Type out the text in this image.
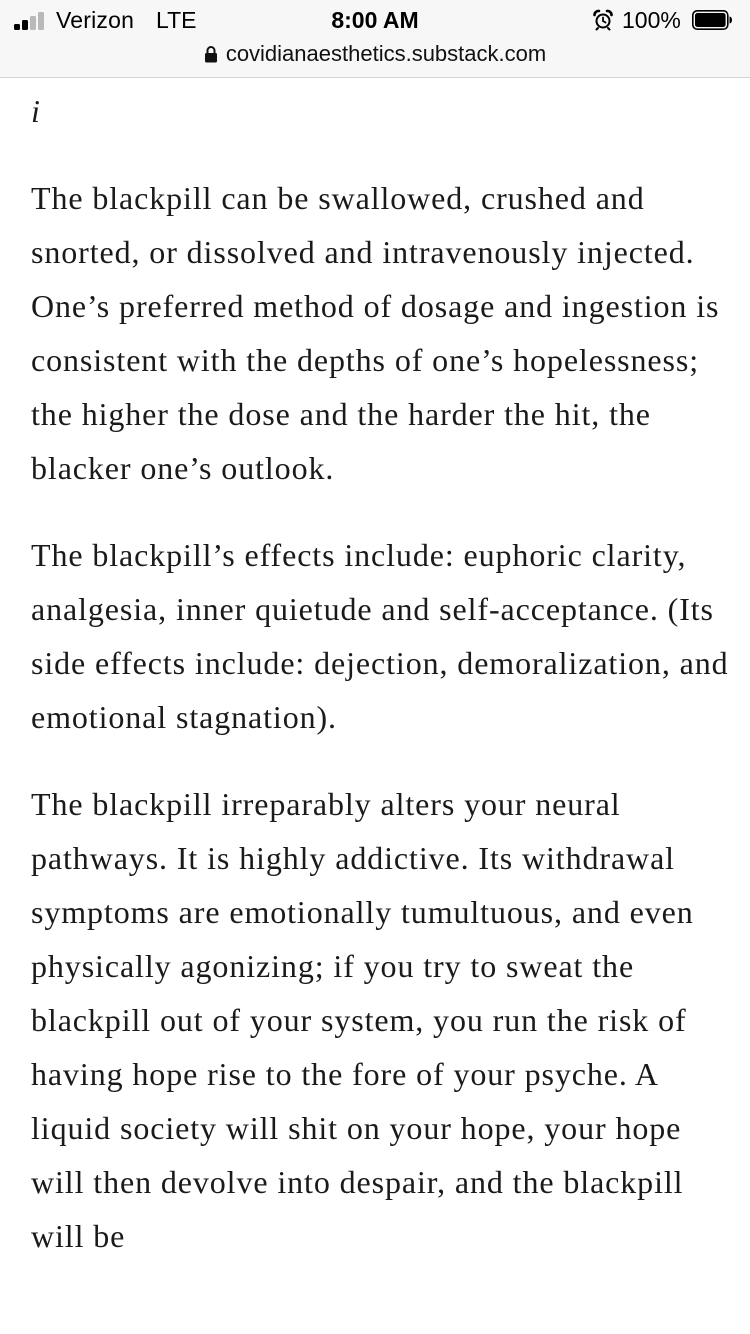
Verizon LTE	8:00 AM	100%
covidianaesthetics.substack.com
i

The blackpill can be swallowed, crushed and snorted, or dissolved and intravenously injected. One’s preferred method of dosage and ingestion is consistent with the depths of one’s hopelessness; the higher the dose and the harder the hit, the blacker one’s outlook.

The blackpill’s effects include: euphoric clarity, analgesia, inner quietude and self-acceptance. (Its side effects include: dejection, demoralization, and emotional stagnation).

The blackpill irreparably alters your neural pathways. It is highly addictive. Its withdrawal symptoms are emotionally tumultuous, and even physically agonizing; if you try to sweat the blackpill out of your system, you run the risk of having hope rise to the fore of your psyche. A liquid society will shit on your hope, your hope will then devolve into despair, and the blackpill will be
